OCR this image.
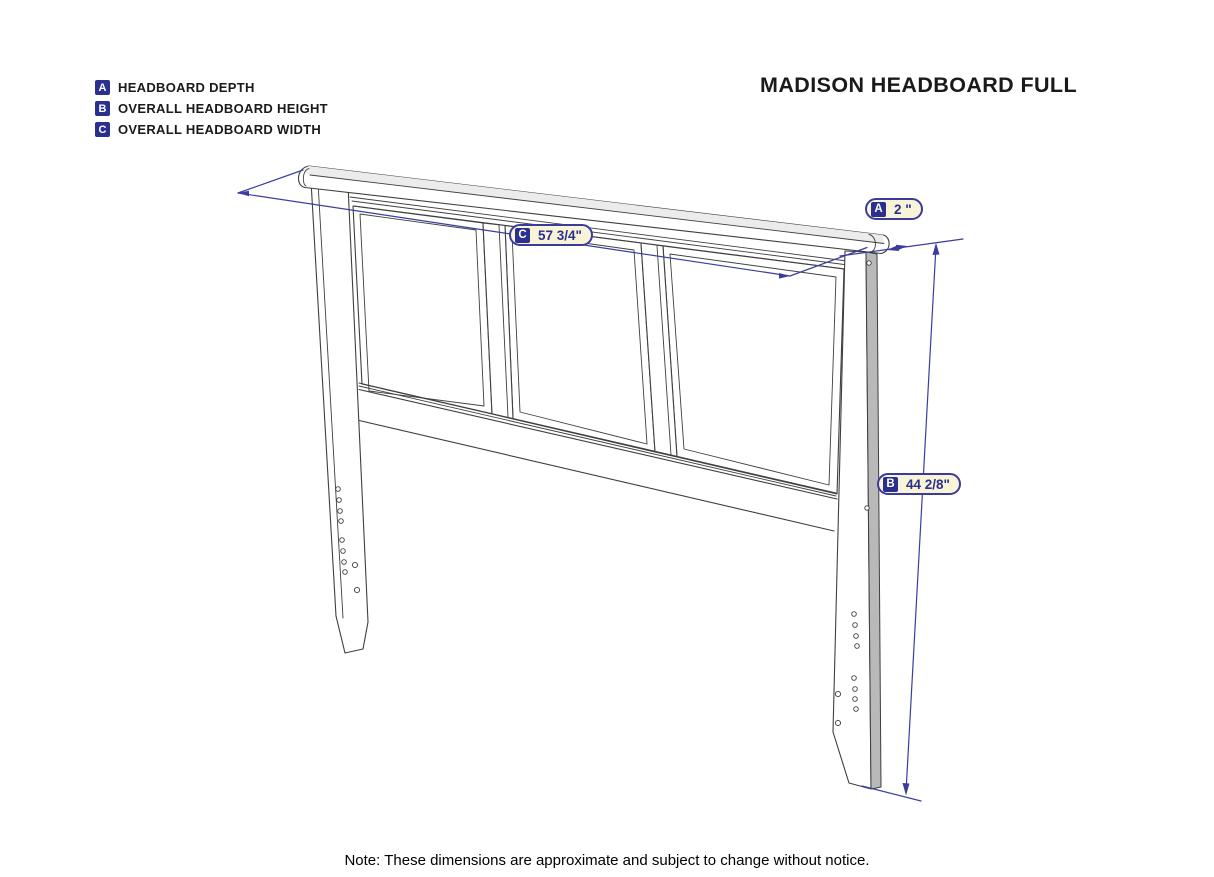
A HEADBOARD DEPTH
B OVERALL HEADBOARD HEIGHT
C OVERALL HEADBOARD WIDTH
MADISON HEADBOARD FULL
A 2 "
C 57 3/4"
B 44 2/8"
Note: These dimensions are approximate and subject to change without notice.
